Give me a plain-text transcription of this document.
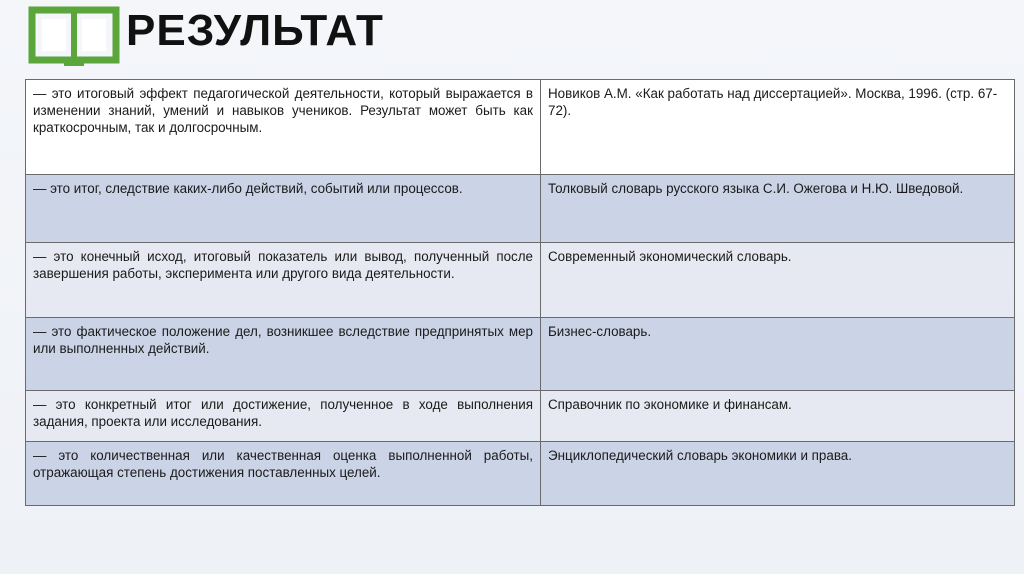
РЕЗУЛЬТАТ
— это итоговый эффект педагогической деятельности, который выражается в изменении знаний, умений и навыков учеников. Результат может быть как краткосрочным, так и долгосрочным.	Новиков А.М. «Как работать над диссертацией». Москва, 1996. (стр. 67-72).
— это итог, следствие каких-либо действий, событий или процессов.	Толковый словарь русского языка С.И. Ожегова и Н.Ю. Шведовой.
— это конечный исход, итоговый показатель или вывод, полученный после завершения работы, эксперимента или другого вида деятельности.	Современный экономический словарь.
— это фактическое положение дел, возникшее вследствие предпринятых мер или выполненных действий.	Бизнес-словарь.
— это конкретный итог или достижение, полученное в ходе выполнения задания, проекта или исследования.	Справочник по экономике и финансам.
— это количественная или качественная оценка выполненной работы, отражающая степень достижения поставленных целей.	Энциклопедический словарь экономики и права.
